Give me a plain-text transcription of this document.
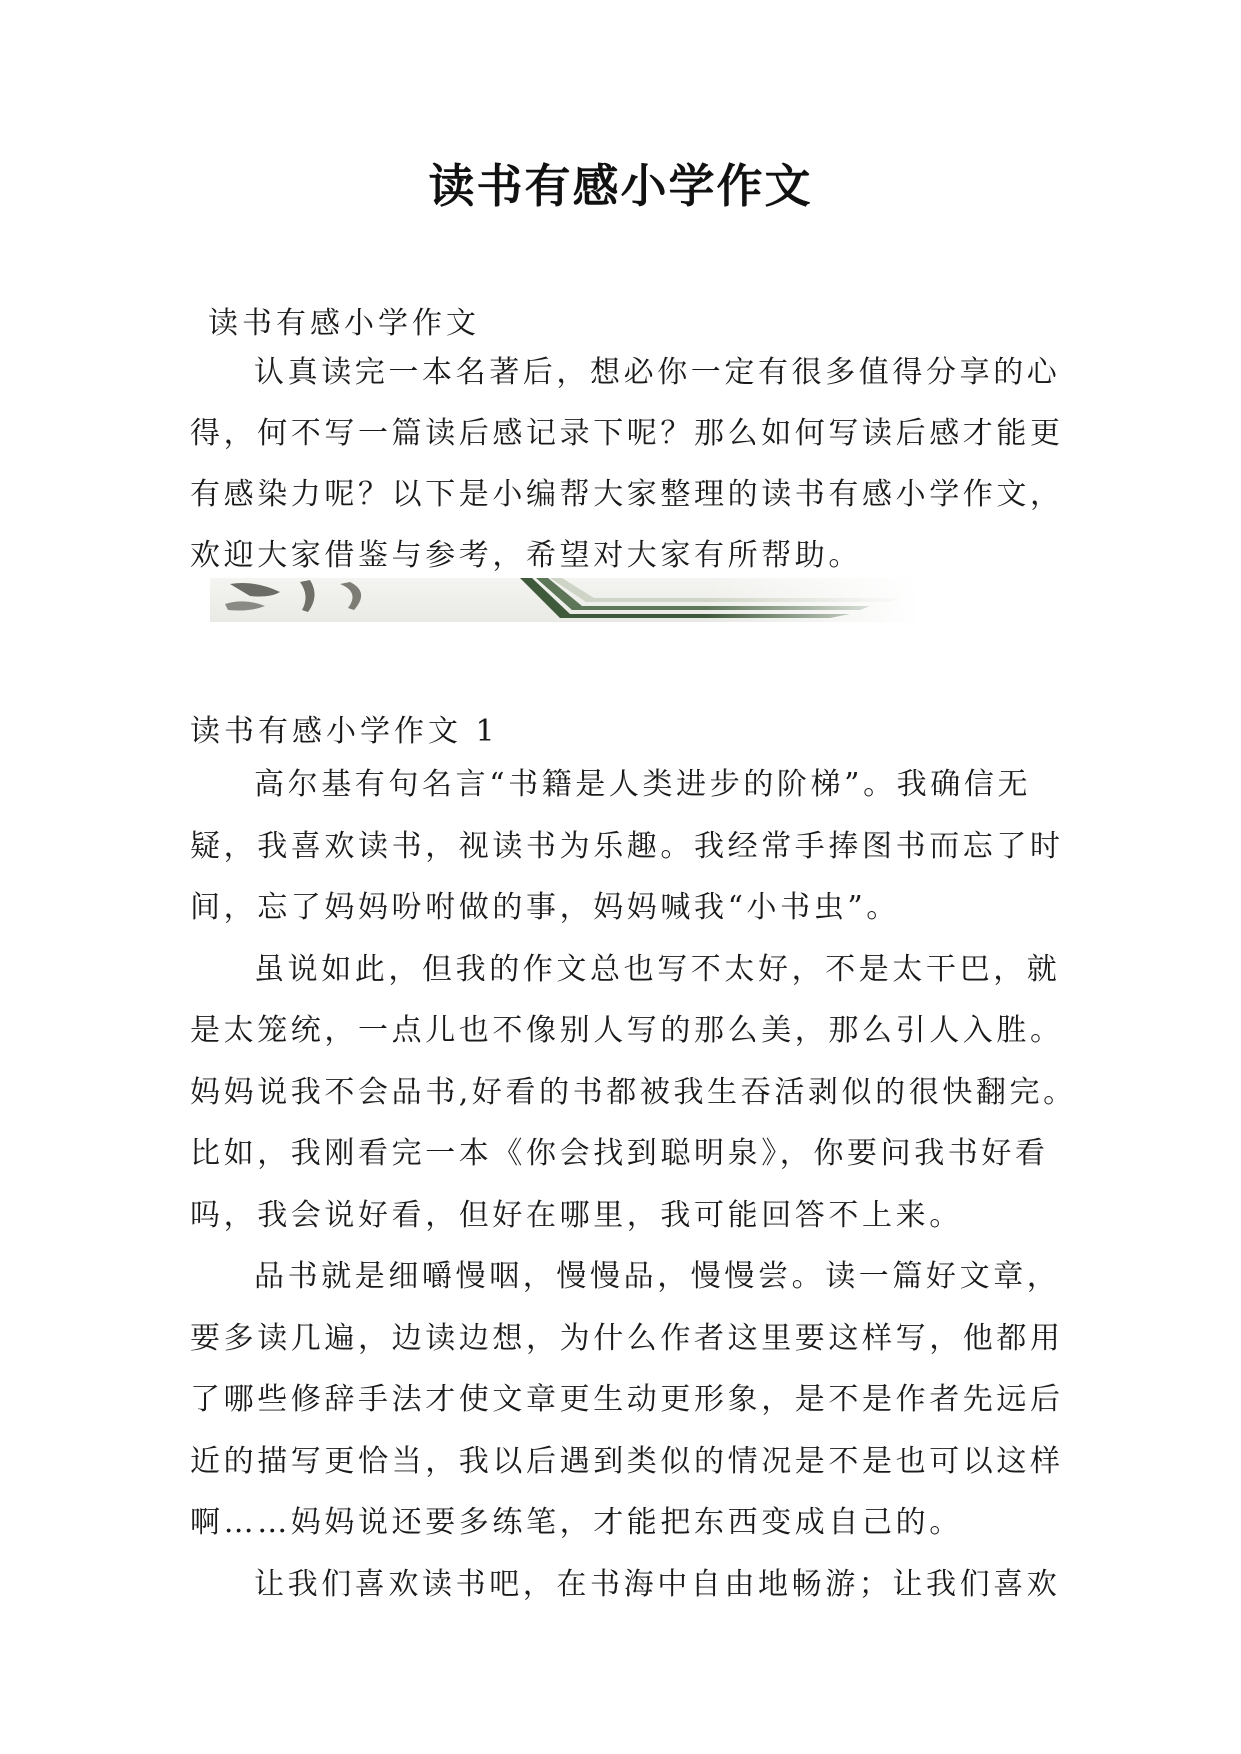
读书有感小学作文
读书有感小学作文
认真读完一本名著后，想必你一定有很多值得分享的心
得，何不写一篇读后感记录下呢？那么如何写读后感才能更
有感染力呢？以下是小编帮大家整理的读书有感小学作文，
欢迎大家借鉴与参考，希望对大家有所帮助。
读书有感小学作文 1
高尔基有句名言“书籍是人类进步的阶梯”。我确信无
疑，我喜欢读书，视读书为乐趣。我经常手捧图书而忘了时
间，忘了妈妈吩咐做的事，妈妈喊我“小书虫”。
虽说如此，但我的作文总也写不太好，不是太干巴，就
是太笼统，一点儿也不像别人写的那么美，那么引人入胜。
妈妈说我不会品书,好看的书都被我生吞活剥似的很快翻完。
比如，我刚看完一本《你会找到聪明泉》，你要问我书好看
吗，我会说好看，但好在哪里，我可能回答不上来。
品书就是细嚼慢咽，慢慢品，慢慢尝。读一篇好文章，
要多读几遍，边读边想，为什么作者这里要这样写，他都用
了哪些修辞手法才使文章更生动更形象，是不是作者先远后
近的描写更恰当，我以后遇到类似的情况是不是也可以这样
啊……妈妈说还要多练笔，才能把东西变成自己的。
让我们喜欢读书吧，在书海中自由地畅游；让我们喜欢
